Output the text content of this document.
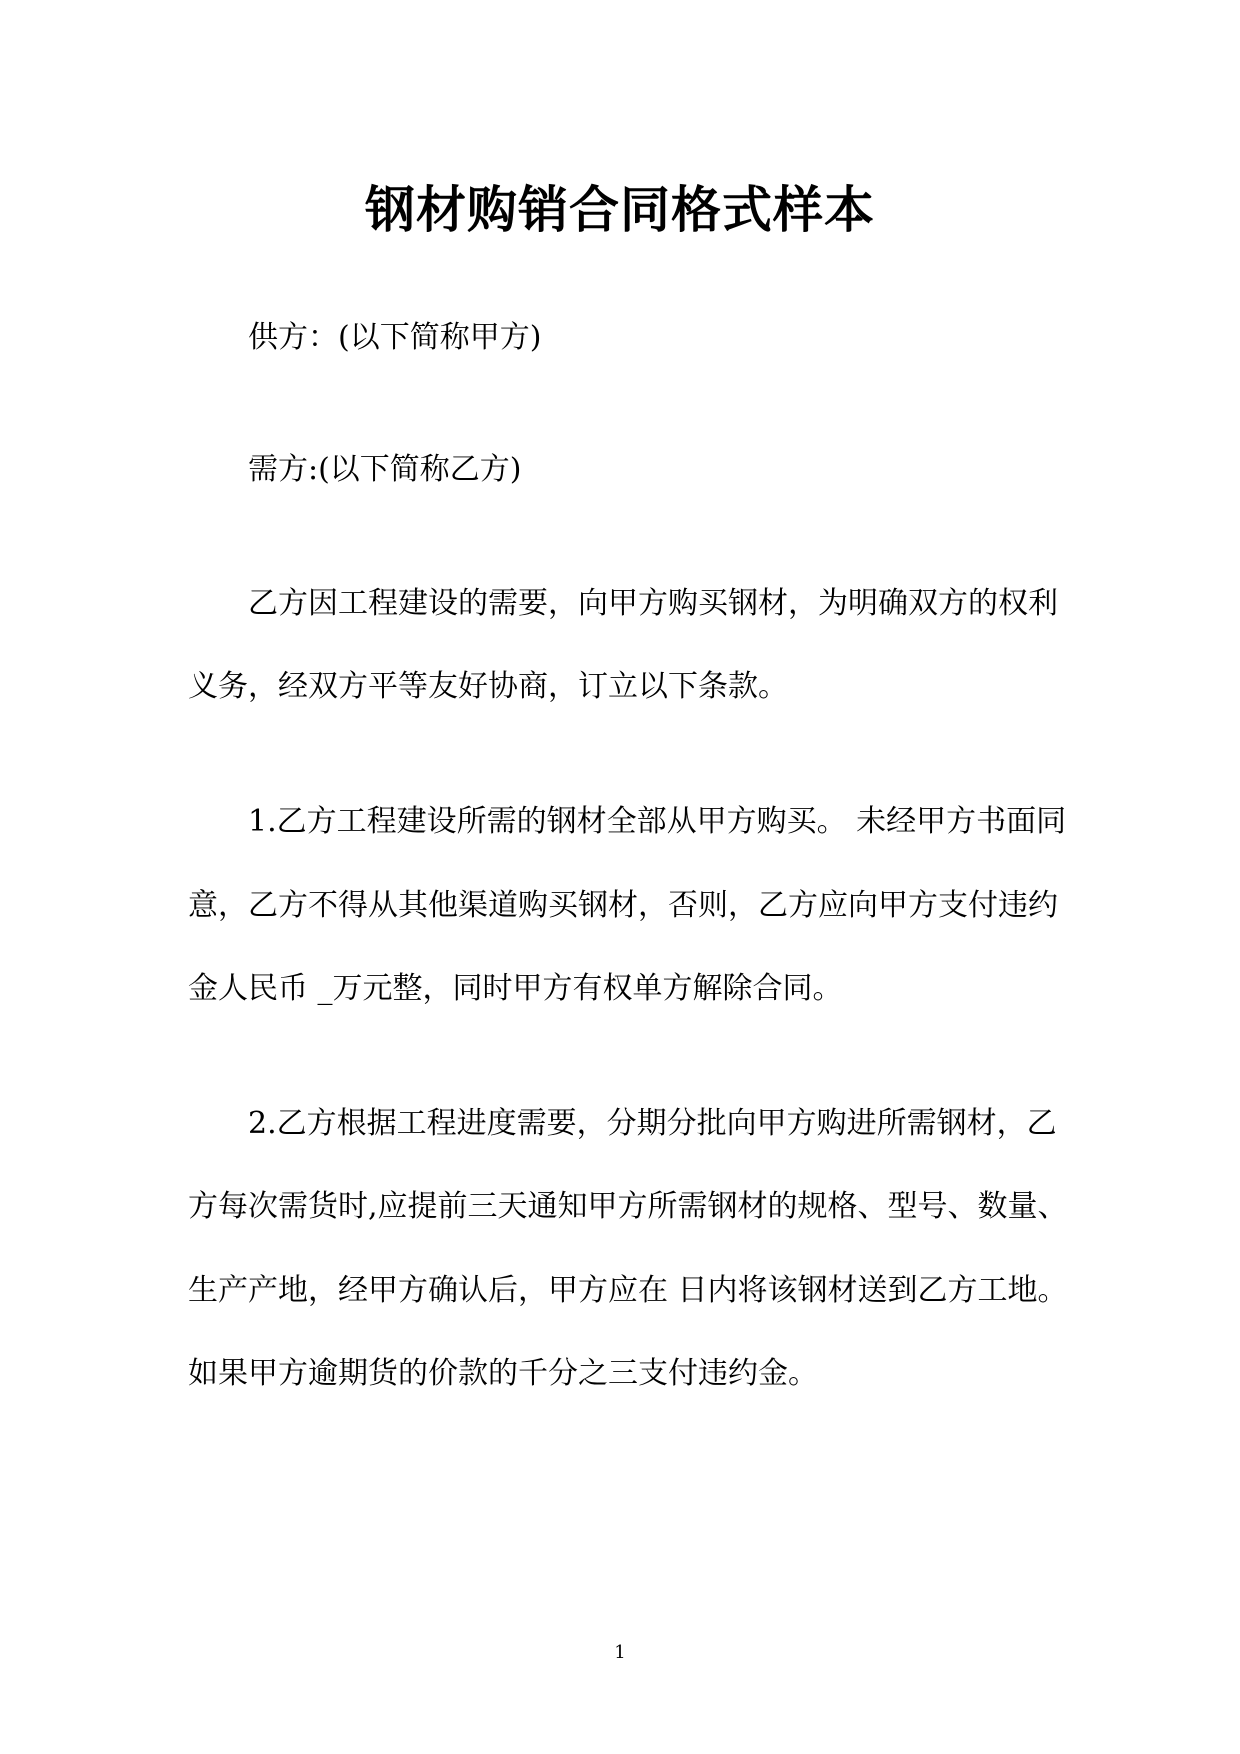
钢材购销合同格式样本
供方：(以下简称甲方)
需方:(以下简称乙方)
乙方因工程建设的需要，向甲方购买钢材，为明确双方的权利
义务，经双方平等友好协商，订立以下条款。
1.乙方工程建设所需的钢材全部从甲方购买。 未经甲方书面同
意，乙方不得从其他渠道购买钢材，否则，乙方应向甲方支付违约
金人民币 _万元整，同时甲方有权单方解除合同。
2.乙方根据工程进度需要，分期分批向甲方购进所需钢材，乙
方每次需货时,应提前三天通知甲方所需钢材的规格、型号、数量、
生产产地，经甲方确认后，甲方应在 日内将该钢材送到乙方工地。
如果甲方逾期货的价款的千分之三支付违约金。
1
